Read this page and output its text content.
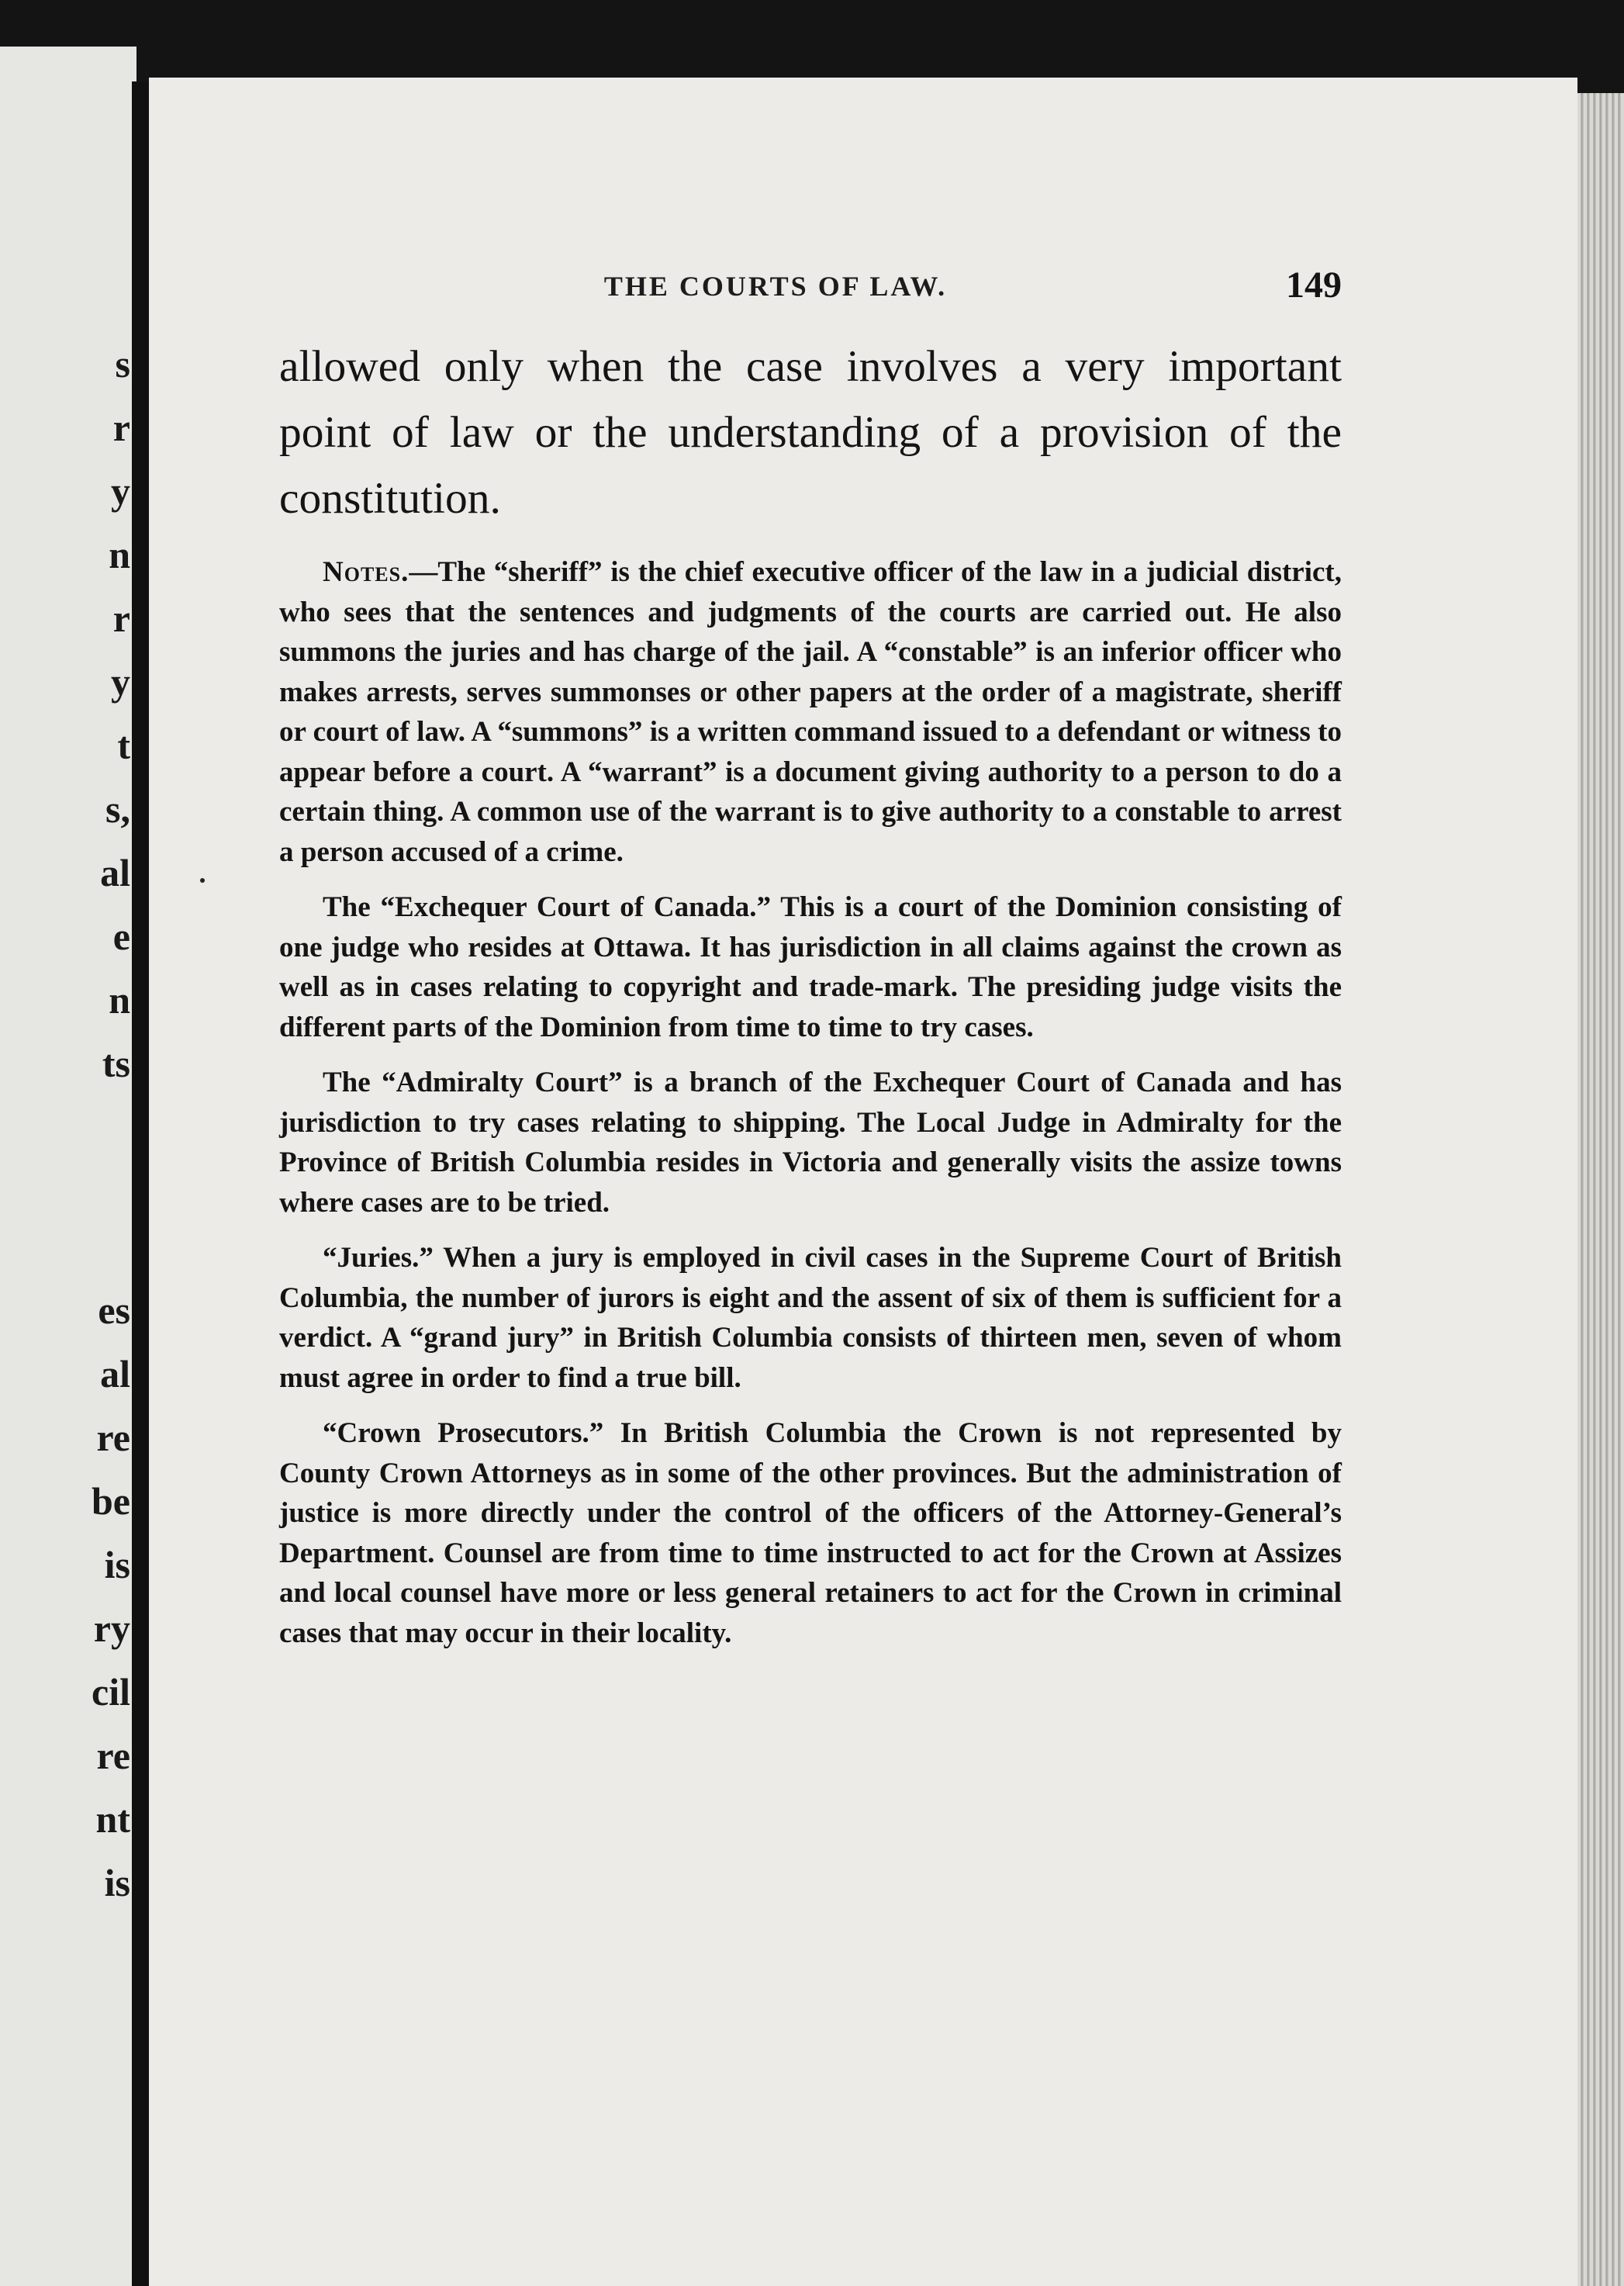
s
r
y
n
r
y
t
s,
al
e
n
ts
es
al
re
be
is
ry
cil
re
nt
is
THE COURTS OF LAW.	149
allowed only when the case involves a very important point of law or the understanding of a provision of the constitution.

Notes.—The “sheriff” is the chief executive officer of the law in a judicial district, who sees that the sentences and judgments of the courts are carried out. He also summons the juries and has charge of the jail. A “constable” is an inferior officer who makes arrests, serves summonses or other papers at the order of a magistrate, sheriff or court of law. A “summons” is a written command issued to a defendant or witness to appear before a court. A “warrant” is a document giving authority to a person to do a certain thing. A common use of the warrant is to give authority to a constable to arrest a person accused of a crime.

The “Exchequer Court of Canada.” This is a court of the Dominion consisting of one judge who resides at Ottawa. It has jurisdiction in all claims against the crown as well as in cases relating to copyright and trade-mark. The presiding judge visits the different parts of the Dominion from time to time to try cases.

The “Admiralty Court” is a branch of the Exchequer Court of Canada and has jurisdiction to try cases relating to shipping. The Local Judge in Admiralty for the Province of British Columbia resides in Victoria and generally visits the assize towns where cases are to be tried.

“Juries.” When a jury is employed in civil cases in the Supreme Court of British Columbia, the number of jurors is eight and the assent of six of them is sufficient for a verdict. A “grand jury” in British Columbia consists of thirteen men, seven of whom must agree in order to find a true bill.

“Crown Prosecutors.” In British Columbia the Crown is not represented by County Crown Attorneys as in some of the other provinces. But the administration of justice is more directly under the control of the officers of the Attorney-General’s Department. Counsel are from time to time instructed to act for the Crown at Assizes and local counsel have more or less general retainers to act for the Crown in criminal cases that may occur in their locality.
